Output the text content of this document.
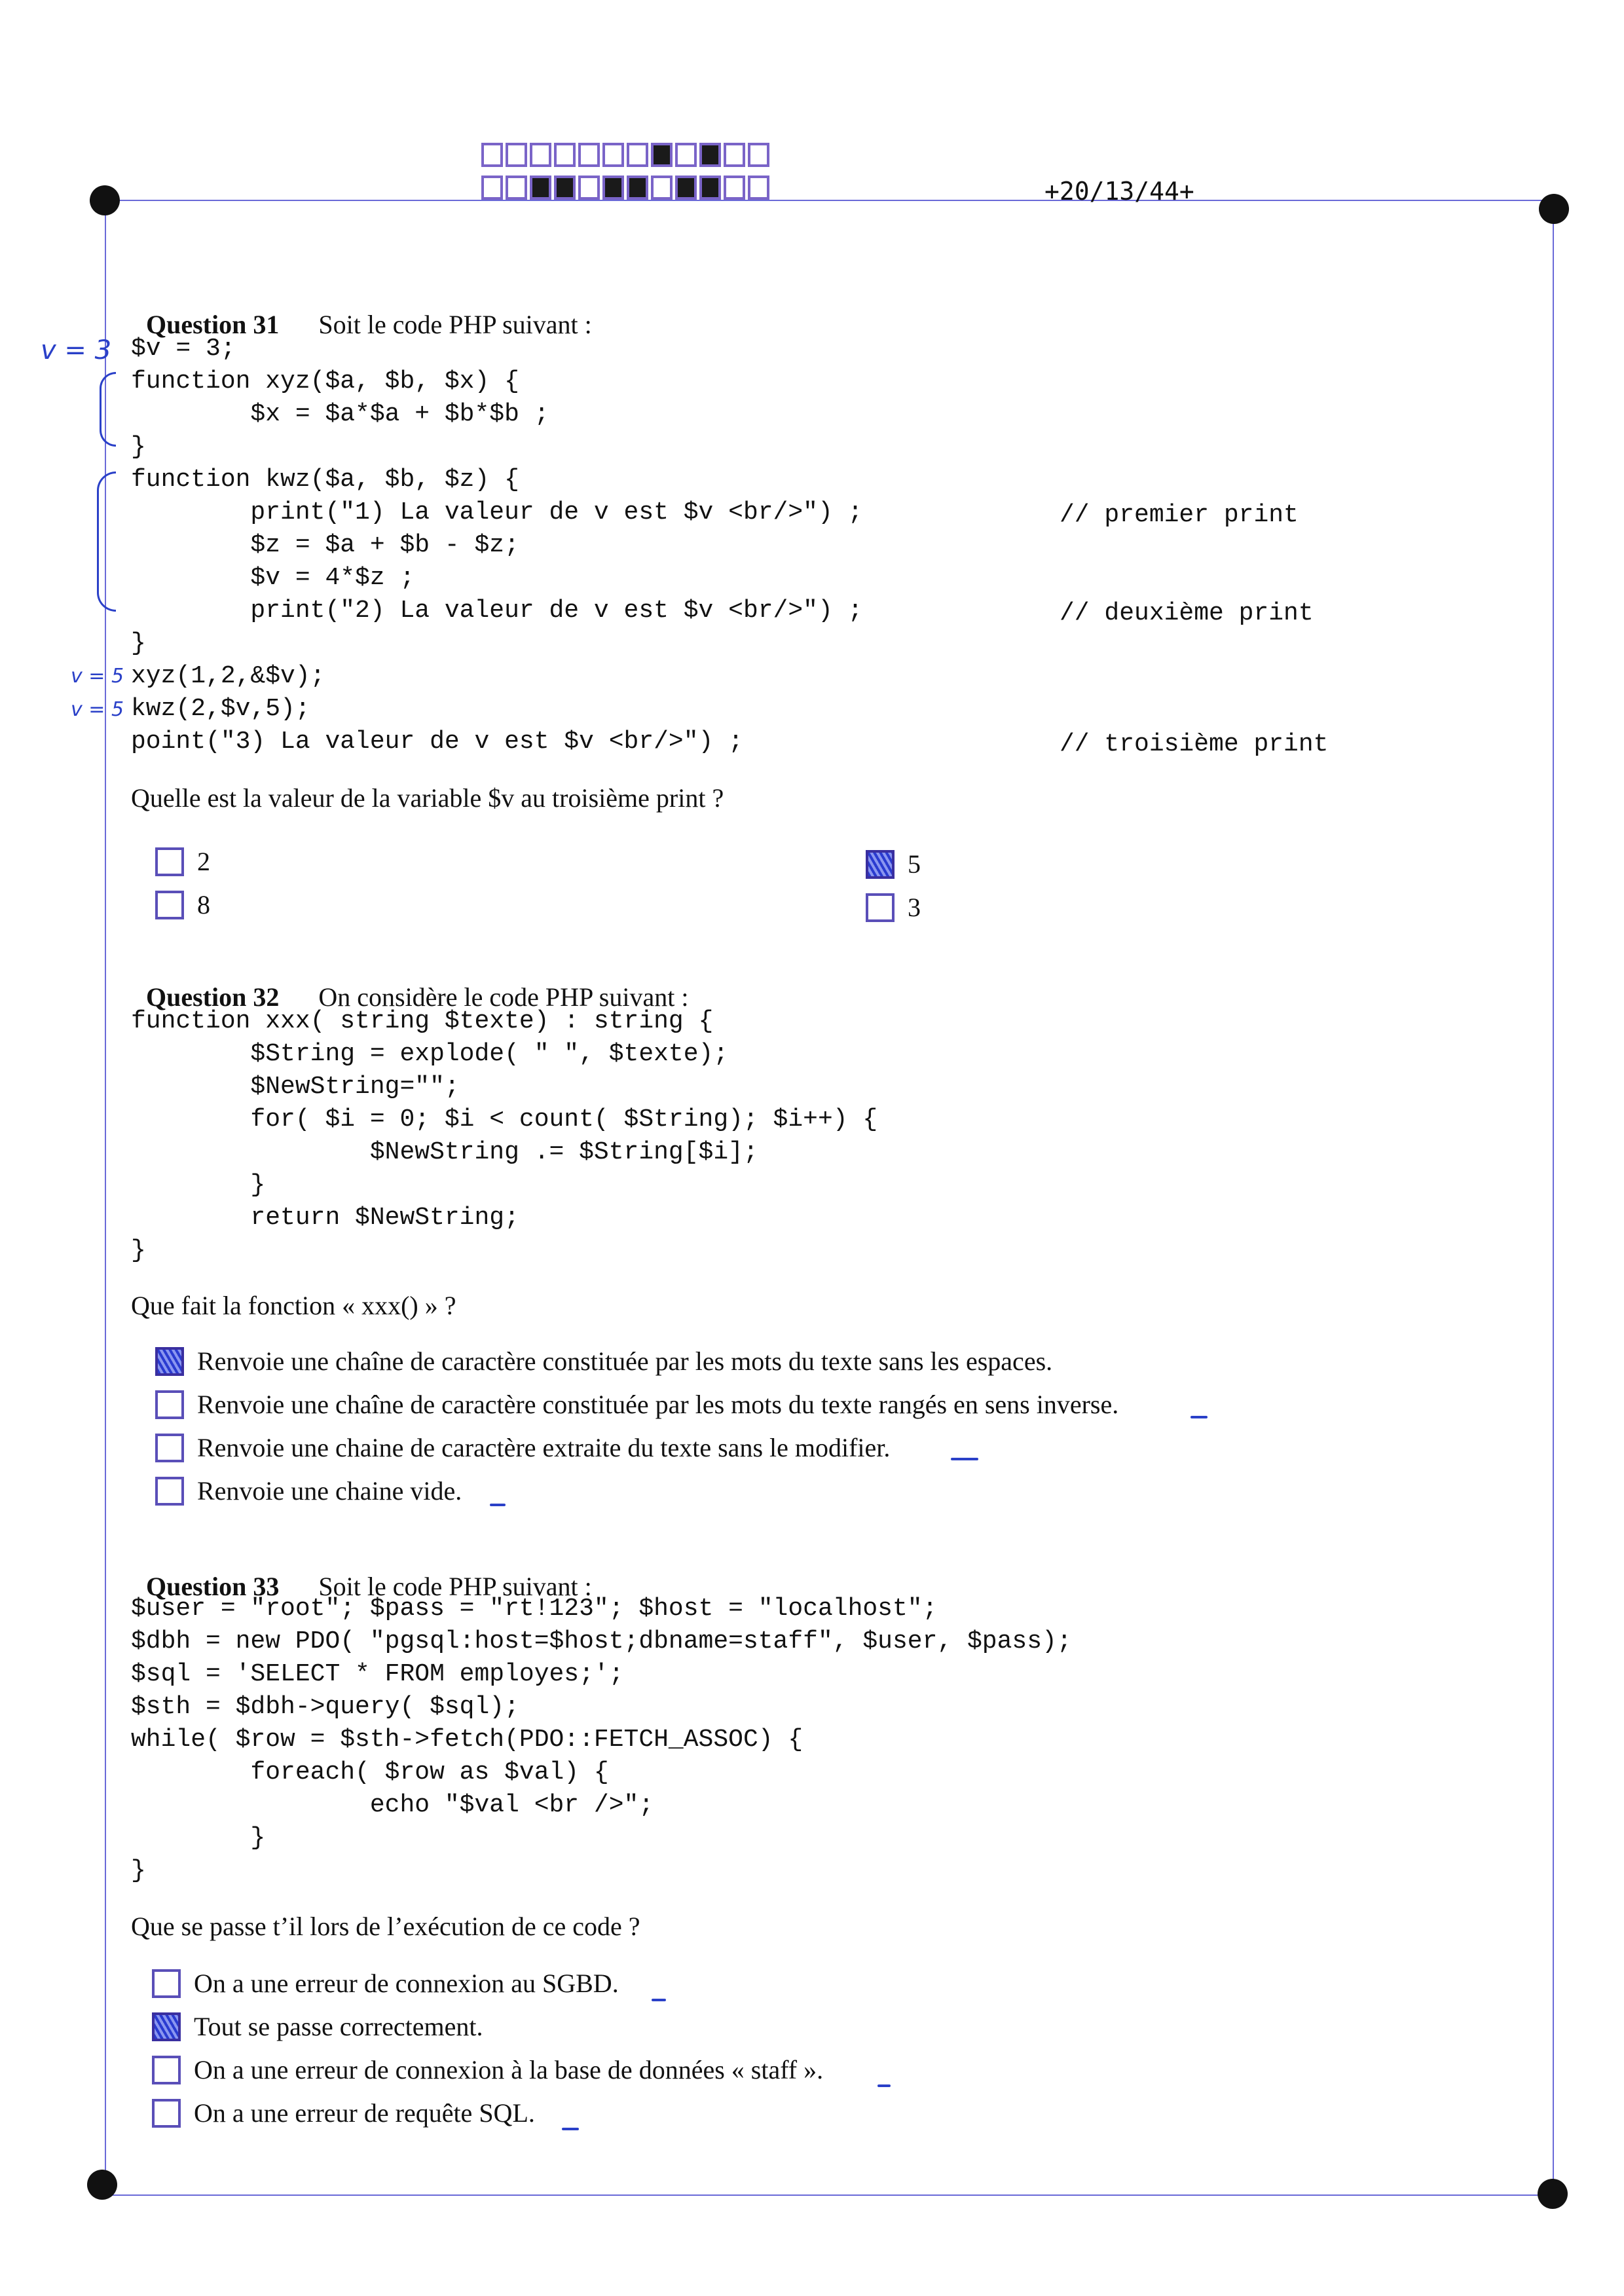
+20/13/44+

Question 31 Soit le code PHP suivant :

v = 3
v = 5
v = 5
$v = 3;
function xyz($a, $b, $x) {
$x = $a*$a + $b*$b ;
}
function kwz($a, $b, $z) {
print("1) La valeur de v est $v <br/>") ;
$z = $a + $b - $z;
$v = 4*$z ;
print("2) La valeur de v est $v <br/>") ;
}
xyz(1,2,&$v);
kwz(2,$v,5);
point("3) La valeur de v est $v <br/>") ;
// premier print
// deuxième print
// troisième print
Quelle est la valeur de la variable $v au troisième print ?
2
8
5
3

Question 32 On considère le code PHP suivant :

function xxx( string $texte) : string {
$String = explode( " ", $texte);
$NewString="";
for( $i = 0; $i < count( $String); $i++) {
$NewString .= $String[$i];
}
return $NewString;
}
Que fait la fonction « xxx() » ?
Renvoie une chaîne de caractère constituée par les mots du texte sans les espaces.
Renvoie une chaîne de caractère constituée par les mots du texte rangés en sens inverse.
Renvoie une chaine de caractère extraite du texte sans le modifier.
Renvoie une chaine vide.

Question 33 Soit le code PHP suivant :

$user = "root"; $pass = "rt!123"; $host = "localhost";
$dbh = new PDO( "pgsql:host=$host;dbname=staff", $user, $pass);
$sql = 'SELECT * FROM employes;';
$sth = $dbh->query( $sql);
while( $row = $sth->fetch(PDO::FETCH_ASSOC) {
foreach( $row as $val) {
echo "$val <br />";
}
}
Que se passe t’il lors de l’exécution de ce code ?
On a une erreur de connexion au SGBD.
Tout se passe correctement.
On a une erreur de connexion à la base de données « staff ».
On a une erreur de requête SQL.
